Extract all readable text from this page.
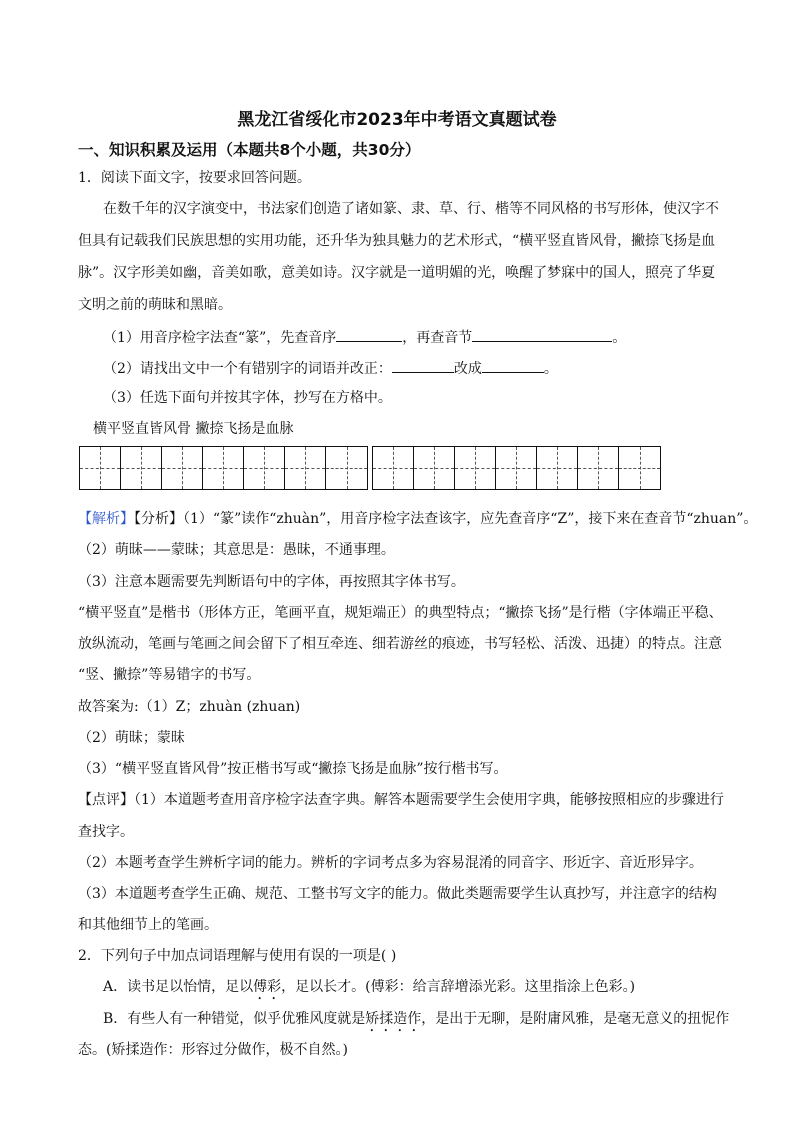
黑龙江省绥化市2023年中考语文真题试卷
一、知识积累及运用（本题共8个小题，共30分）
1．阅读下面文字，按要求回答问题。
在数千年的汉字演变中，书法家们创造了诸如篆、隶、草、行、楷等不同风格的书写形体，使汉字不
但具有记载我们民族思想的实用功能，还升华为独具魅力的艺术形式，“横平竖直皆风骨，撇捺飞扬是血
脉”。汉字形美如幽，音美如歌，意美如诗。汉字就是一道明媚的光，唤醒了梦寐中的国人，照亮了华夏
文明之前的萌昧和黑暗。
（1）用音序检字法查“篆”，先查音序	，再查音节	。
（2）请找出文中一个有错别字的词语并改正：	改成	。
（3）任选下面句并按其字体，抄写在方格中。
横平竖直皆风骨 撇捺飞扬是血脉
【解析】【分析】（1）“篆”读作“zhuàn”，用音序检字法查该字，应先查音序“Z”，接下来在查音节“zhuan”。
（2）萌昧——蒙昧；其意思是：愚昧，不通事理。
（3）注意本题需要先判断语句中的字体，再按照其字体书写。
“横平竖直”是楷书（形体方正，笔画平直，规矩端正）的典型特点；“撇捺飞扬”是行楷（字体端正平稳、
放纵流动，笔画与笔画之间会留下了相互牵连、细若游丝的痕迹，书写轻松、活泼、迅捷）的特点。注意
“竖、撇捺”等易错字的书写。
故答案为:（1）Z；zhuàn (zhuan)
（2）萌昧；蒙昧
（3）“横平竖直皆风骨”按正楷书写或“撇捺飞扬是血脉”按行楷书写。
【点评】（1）本道题考查用音序检字法查字典。解答本题需要学生会使用字典，能够按照相应的步骤进行
查找字。
（2）本题考查学生辨析字词的能力。辨析的字词考点多为容易混淆的同音字、形近字、音近形异字。
（3）本道题考查学生正确、规范、工整书写文字的能力。做此类题需要学生认真抄写，并注意字的结构
和其他细节上的笔画。
2．下列句子中加点词语理解与使用有误的一项是( )
A．读书足以怡情，足以傅彩，足以长才。(傅彩：给言辞增添光彩。这里指涂上色彩。)
B．有些人有一种错觉，似乎优雅风度就是矫揉造作，是出于无聊，是附庸风雅，是毫无意义的扭怩作
态。(矫揉造作：形容过分做作，极不自然。)
